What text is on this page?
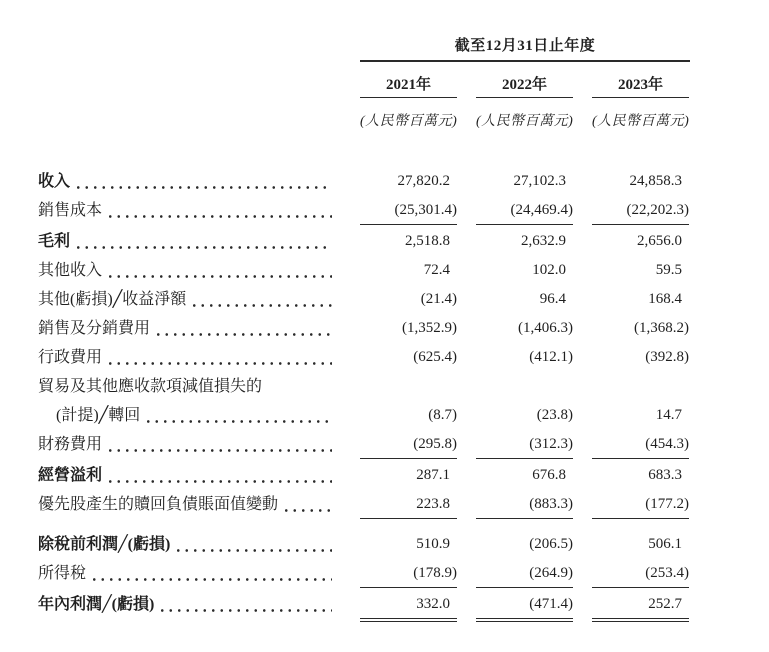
截至12月31日止年度
2021年	2022年	2023年
(人民幣百萬元) (人民幣百萬元) (人民幣百萬元)
收入	27,820.2	27,102.3	24,858.3
銷售成本	(25,301.4)	(24,469.4)	(22,202.3)
毛利	2,518.8	2,632.9	2,656.0
其他收入	72.4	102.0	59.5
其他(虧損)╱收益淨額	(21.4)	96.4	168.4
銷售及分銷費用	(1,352.9)	(1,406.3)	(1,368.2)
行政費用	(625.4)	(412.1)	(392.8)
貿易及其他應收款項減值損失的
(計提)╱轉回	(8.7)	(23.8)	14.7
財務費用	(295.8)	(312.3)	(454.3)
經營溢利	287.1	676.8	683.3
優先股產生的贖回負債賬面值變動	223.8	(883.3)	(177.2)
除稅前利潤╱(虧損)	510.9	(206.5)	506.1
所得稅	(178.9)	(264.9)	(253.4)
年內利潤╱(虧損)	332.0	(471.4)	252.7
